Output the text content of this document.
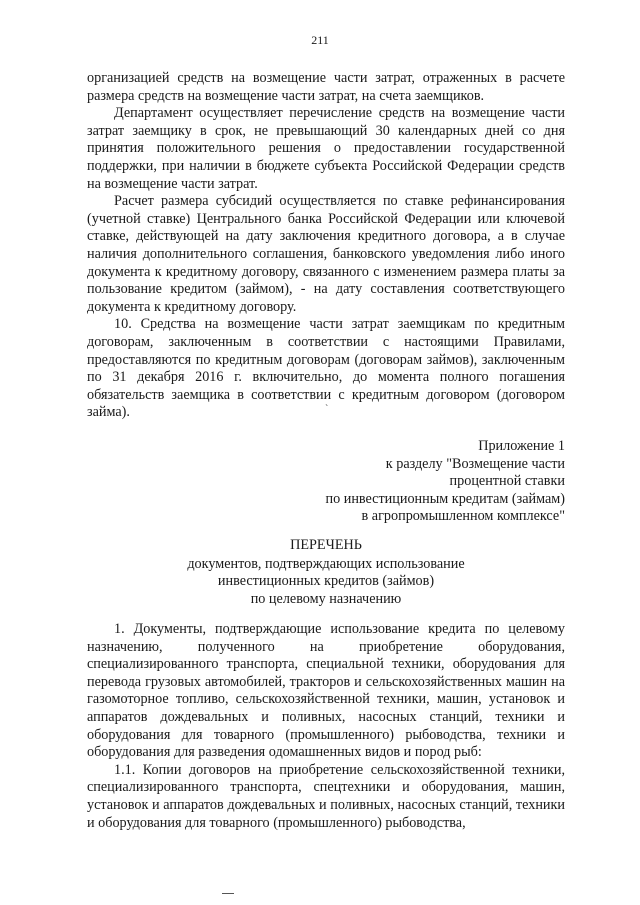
211

организацией средств на возмещение части затрат, отраженных в расчете размера средств на возмещение части затрат, на счета заемщиков.

Департамент осуществляет перечисление средств на возмещение части затрат заемщику в срок, не превышающий 30 календарных дней со дня принятия положительного решения о предоставлении государственной поддержки, при наличии в бюджете субъекта Российской Федерации средств на возмещение части затрат.

Расчет размера субсидий осуществляется по ставке рефинансирования (учетной ставке) Центрального банка Российской Федерации или ключевой ставке, действующей на дату заключения кредитного договора, а в случае наличия дополнительного соглашения, банковского уведомления либо иного документа к кредитному договору, связанного с изменением размера платы за пользование кредитом (займом), - на дату составления соответствующего документа к кредитному договору.

10. Средства на возмещение части затрат заемщикам по кредитным договорам, заключенным в соответствии с настоящими Правилами, предоставляются по кредитным договорам (договорам займов), заключенным по 31 декабря 2016 г. включительно, до момента полного погашения обязательств заемщика в соответствии с кредитным договором (договором займа).	`
Приложение 1
к разделу "Возмещение части
процентной ставки
по инвестиционным кредитам (займам)
в агропромышленном комплексе"
ПЕРЕЧЕНЬ
документов, подтверждающих использование
инвестиционных кредитов (займов)
по целевому назначению

1. Документы, подтверждающие использование кредита по целевому назначению, полученного на приобретение оборудования, специализированного транспорта, специальной техники, оборудования для перевода грузовых автомобилей, тракторов и сельскохозяйственных машин на газомоторное топливо, сельскохозяйственной техники, машин, установок и аппаратов дождевальных и поливных, насосных станций, техники и оборудования для товарного (промышленного) рыбоводства, техники и оборудования для разведения одомашненных видов и пород рыб:

1.1. Копии договоров на приобретение сельскохозяйственной техники, специализированного транспорта, спецтехники и оборудования, машин, установок и аппаратов дождевальных и поливных, насосных станций, техники и оборудования для товарного (промышленного) рыбоводства,
